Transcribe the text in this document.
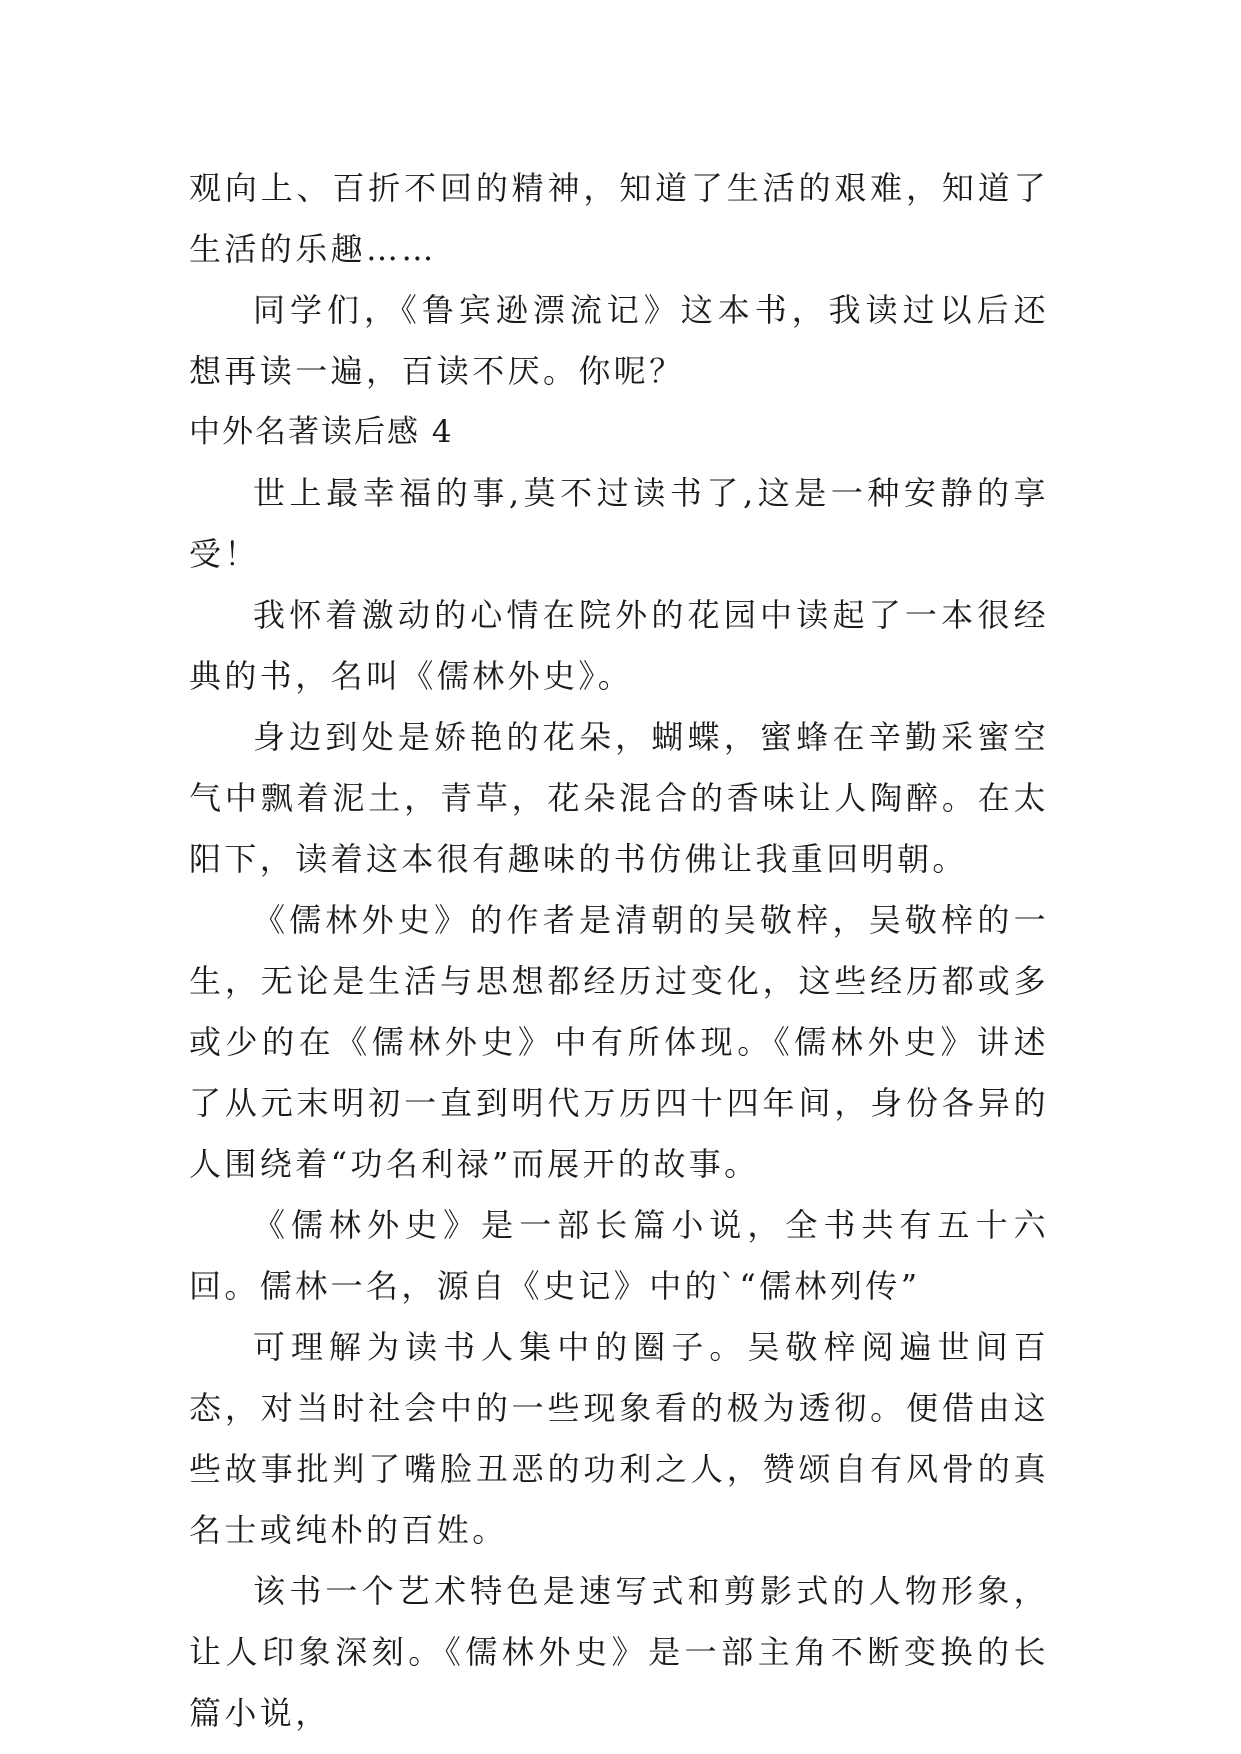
观向上、百折不回的精神，知道了生活的艰难，知道了生活的乐趣……

同学们，《鲁宾逊漂流记》这本书，我读过以后还想再读一遍，百读不厌。你呢？

中外名著读后感 4

世上最幸福的事,莫不过读书了,这是一种安静的享受！

我怀着激动的心情在院外的花园中读起了一本很经典的书，名叫《儒林外史》。

身边到处是娇艳的花朵，蝴蝶，蜜蜂在辛勤采蜜空气中飘着泥土，青草，花朵混合的香味让人陶醉。在太阳下，读着这本很有趣味的书仿佛让我重回明朝。

《儒林外史》的作者是清朝的吴敬梓，吴敬梓的一生，无论是生活与思想都经历过变化，这些经历都或多或少的在《儒林外史》中有所体现。《儒林外史》讲述了从元末明初一直到明代万历四十四年间，身份各异的人围绕着“功名利禄”而展开的故事。

《儒林外史》是一部长篇小说，全书共有五十六回。儒林一名，源自《史记》中的`“儒林列传”

可理解为读书人集中的圈子。吴敬梓阅遍世间百态，对当时社会中的一些现象看的极为透彻。便借由这些故事批判了嘴脸丑恶的功利之人，赞颂自有风骨的真名士或纯朴的百姓。

该书一个艺术特色是速写式和剪影式的人物形象，让人印象深刻。《儒林外史》是一部主角不断变换的长篇小说，
